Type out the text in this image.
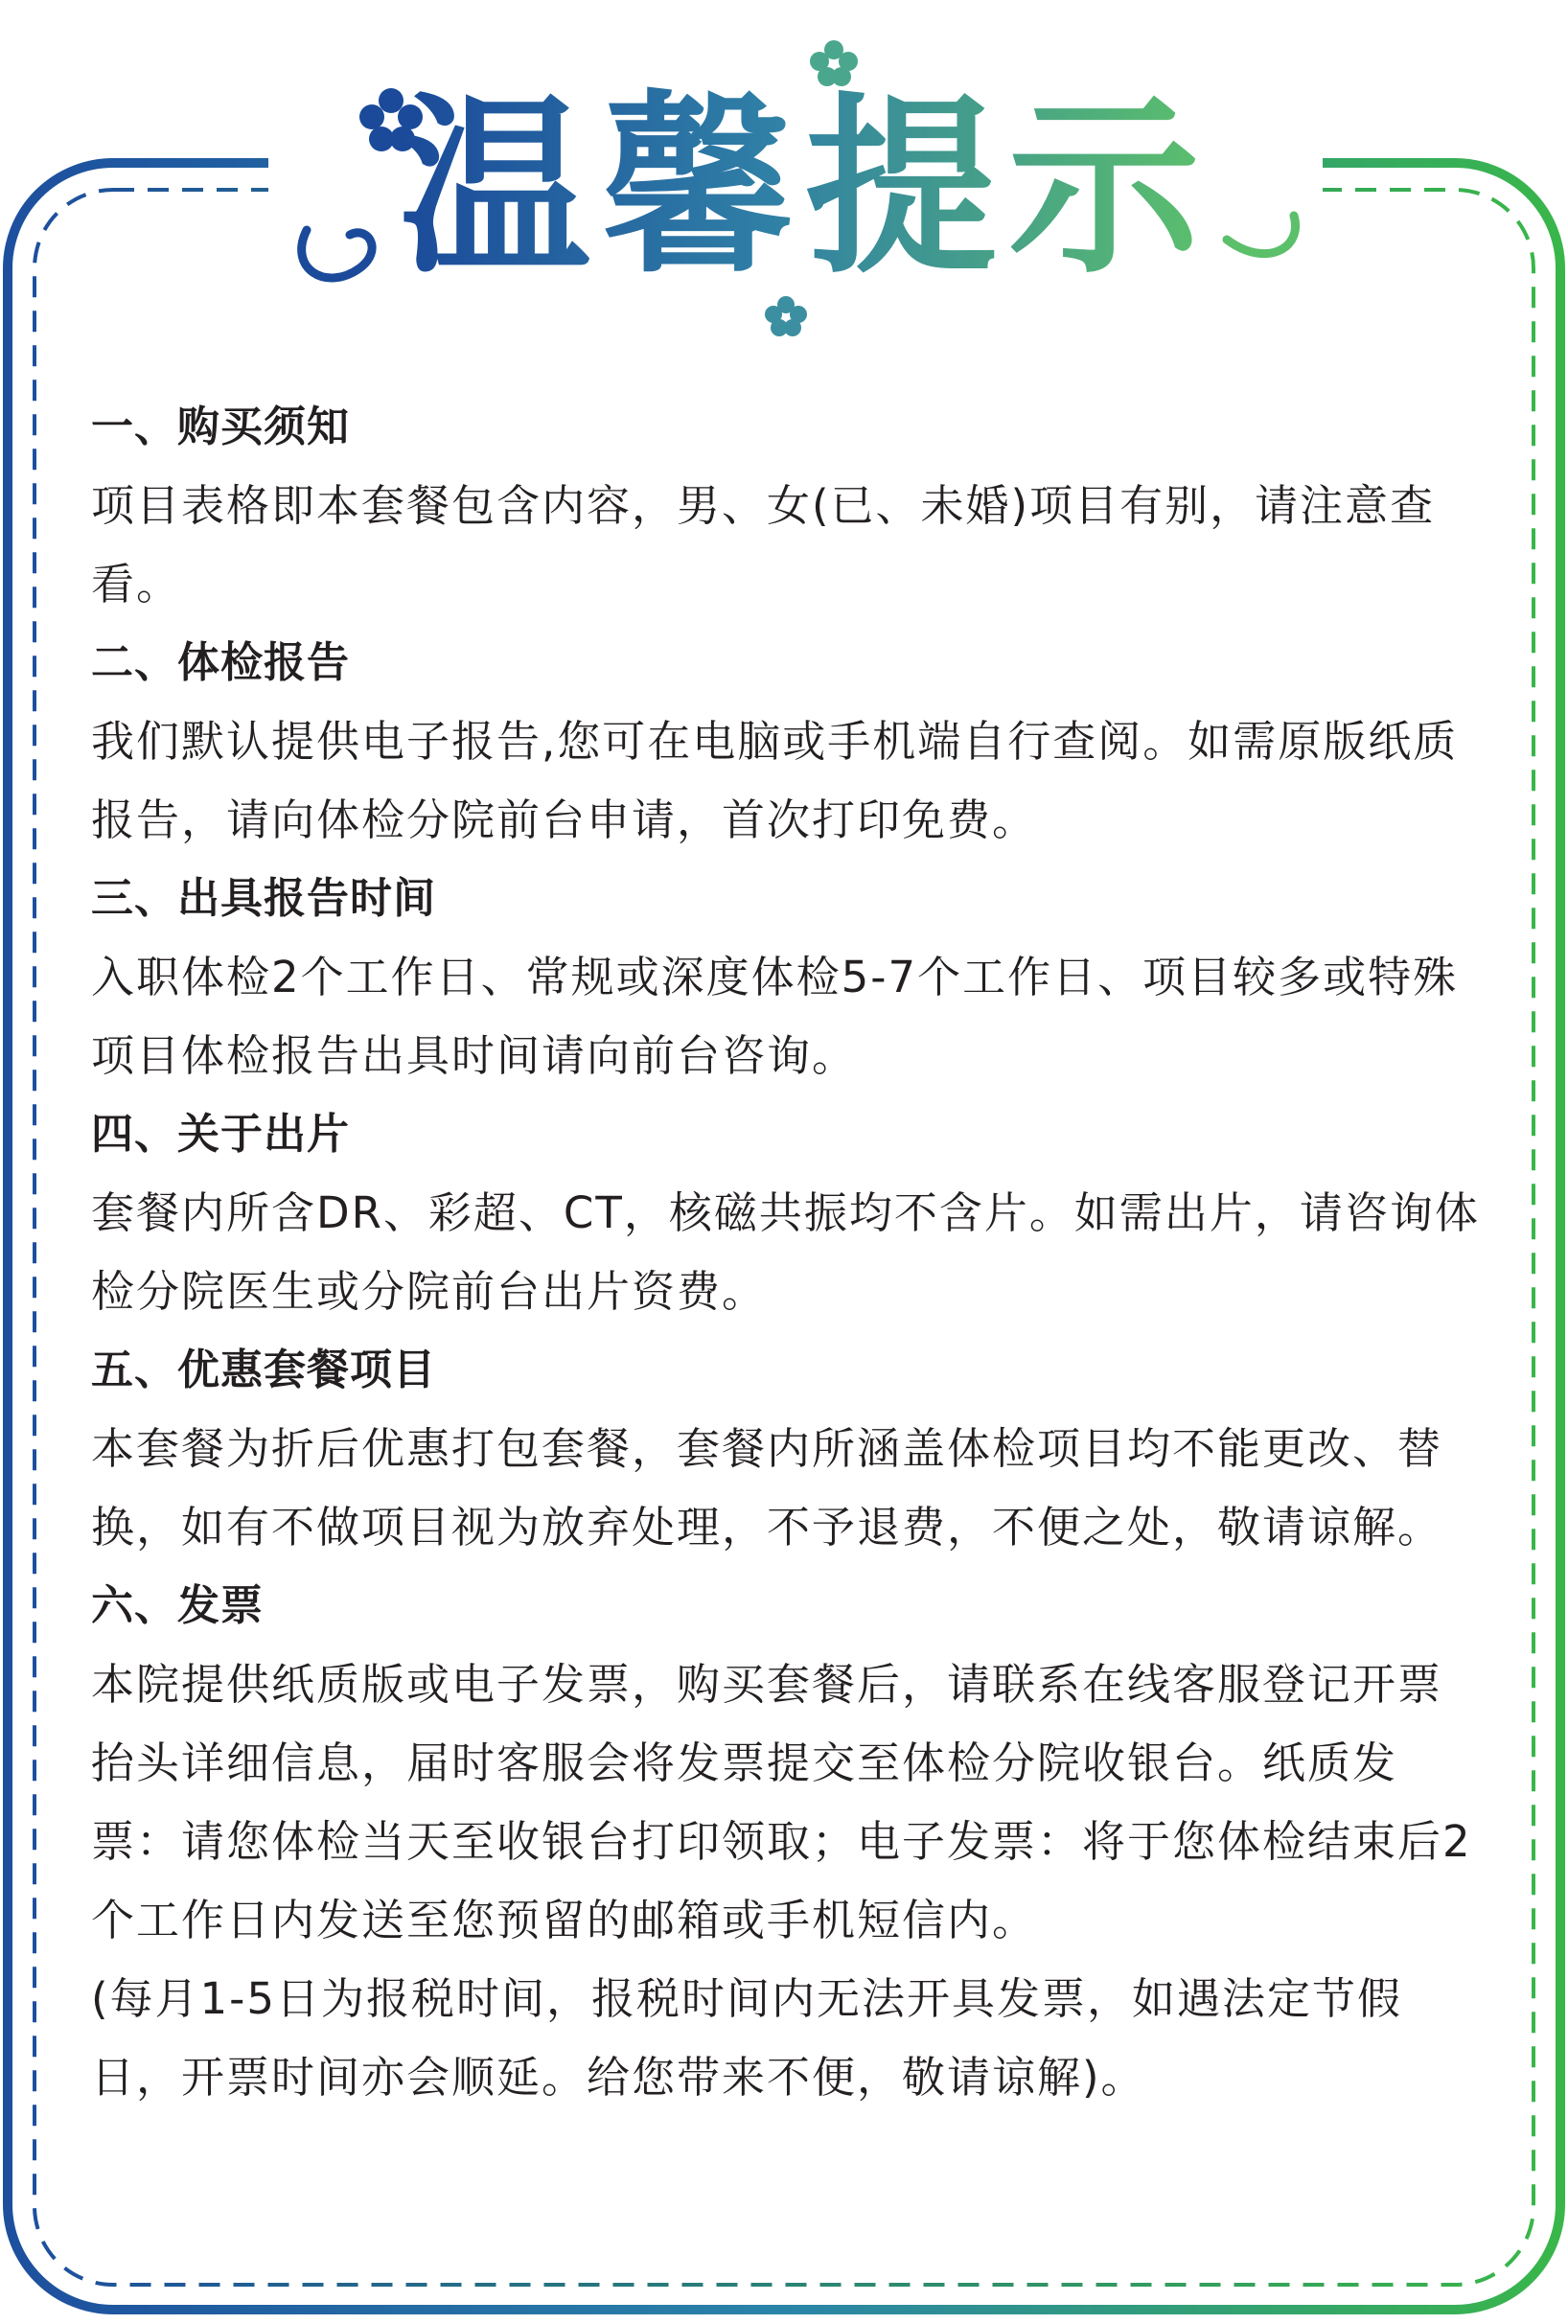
温馨提示
一、购买须知

项目表格即本套餐包含内容，男、女(已、未婚)项目有别，请注意查看。

二、体检报告

我们默认提供电子报告,您可在电脑或手机端自行查阅。如需原版纸质报告，请向体检分院前台申请，首次打印免费。

三、出具报告时间

入职体检2个工作日、常规或深度体检5-7个工作日、项目较多或特殊项目体检报告出具时间请向前台咨询。

四、关于出片

套餐内所含DR、彩超、CT，核磁共振均不含片。如需出片，请咨询体检分院医生或分院前台出片资费。

五、优惠套餐项目

本套餐为折后优惠打包套餐，套餐内所涵盖体检项目均不能更改、替换，如有不做项目视为放弃处理，不予退费，不便之处，敬请谅解。

六、发票

本院提供纸质版或电子发票，购买套餐后，请联系在线客服登记开票抬头详细信息，届时客服会将发票提交至体检分院收银台。纸质发票：请您体检当天至收银台打印领取；电子发票：将于您体检结束后2个工作日内发送至您预留的邮箱或手机短信内。

(每月1-5日为报税时间，报税时间内无法开具发票，如遇法定节假日，开票时间亦会顺延。给您带来不便，敬请谅解)。
